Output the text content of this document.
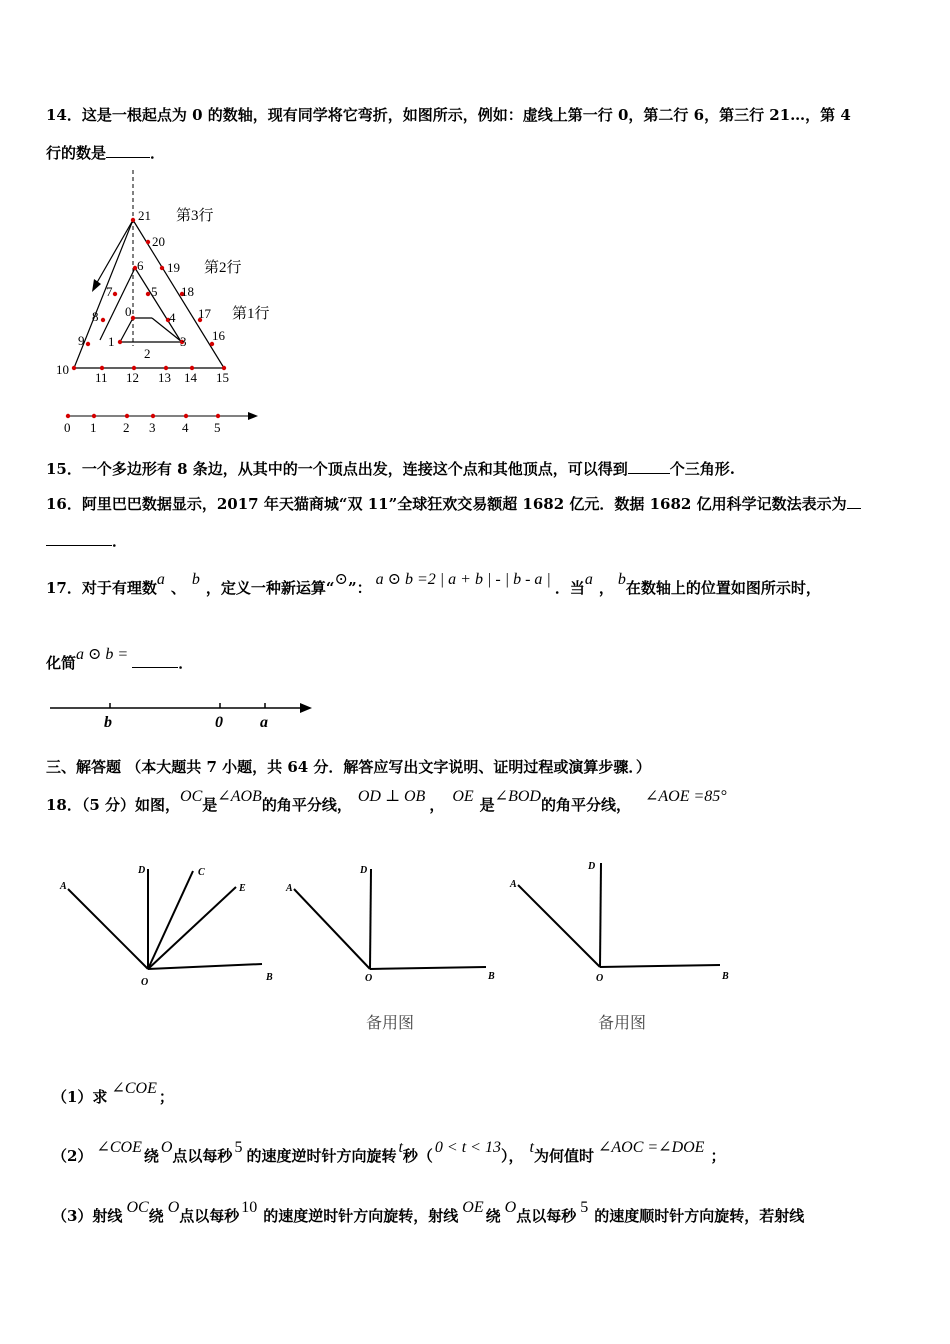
14．这是一根起点为 0 的数轴，现有同学将它弯折，如图所示，例如：虚线上第一行 0，第二行 6，第三行 21…，第 4
行的数是	．
21
20
6 19
7	5 18
8 0	4 17
9 1	3 16
2
10
11 12 13 14 15
第3行
第2行
第1行
0 1 2 3 4 5
15．一个多边形有 8 条边，从其中的一个顶点出发，连接这个点和其他顶点，可以得到	个三角形.
16．阿里巴巴数据显示，2017 年天猫商城“双 11”全球狂欢交易额超 1682 亿元．数据 1682 亿用科学记数法表示为
．
17．对于有理数a 、 b ，定义一种新运算“⊙”： a ⊙ b =2 | a + b | - | b - a | ．当a ， b在数轴上的位置如图所示时，
化简a ⊙ b =	．
b	0 a
三、解答题 （本大题共 7 小题，共 64 分．解答应写出文字说明、证明过程或演算步骤．）
18．（5 分）如图，OC是∠AOB的角平分线， OD ⊥ OB ， OE 是∠BOD的角平分线， ∠AOE =85°
A
D	C
E
O	B
A
D
O	B
A
D
O	B
备用图	备用图
（1）求 ∠COE ；
（2） ∠COE 绕 O点以每秒 5 的速度逆时针方向旋转 t秒（ 0 < t < 13）， t为何值时 ∠AOC =∠DOE ；
（3）射线 OC绕 O点以每秒 10 的速度逆时针方向旋转，射线 OE 绕 O点以每秒 5 的速度顺时针方向旋转，若射线
